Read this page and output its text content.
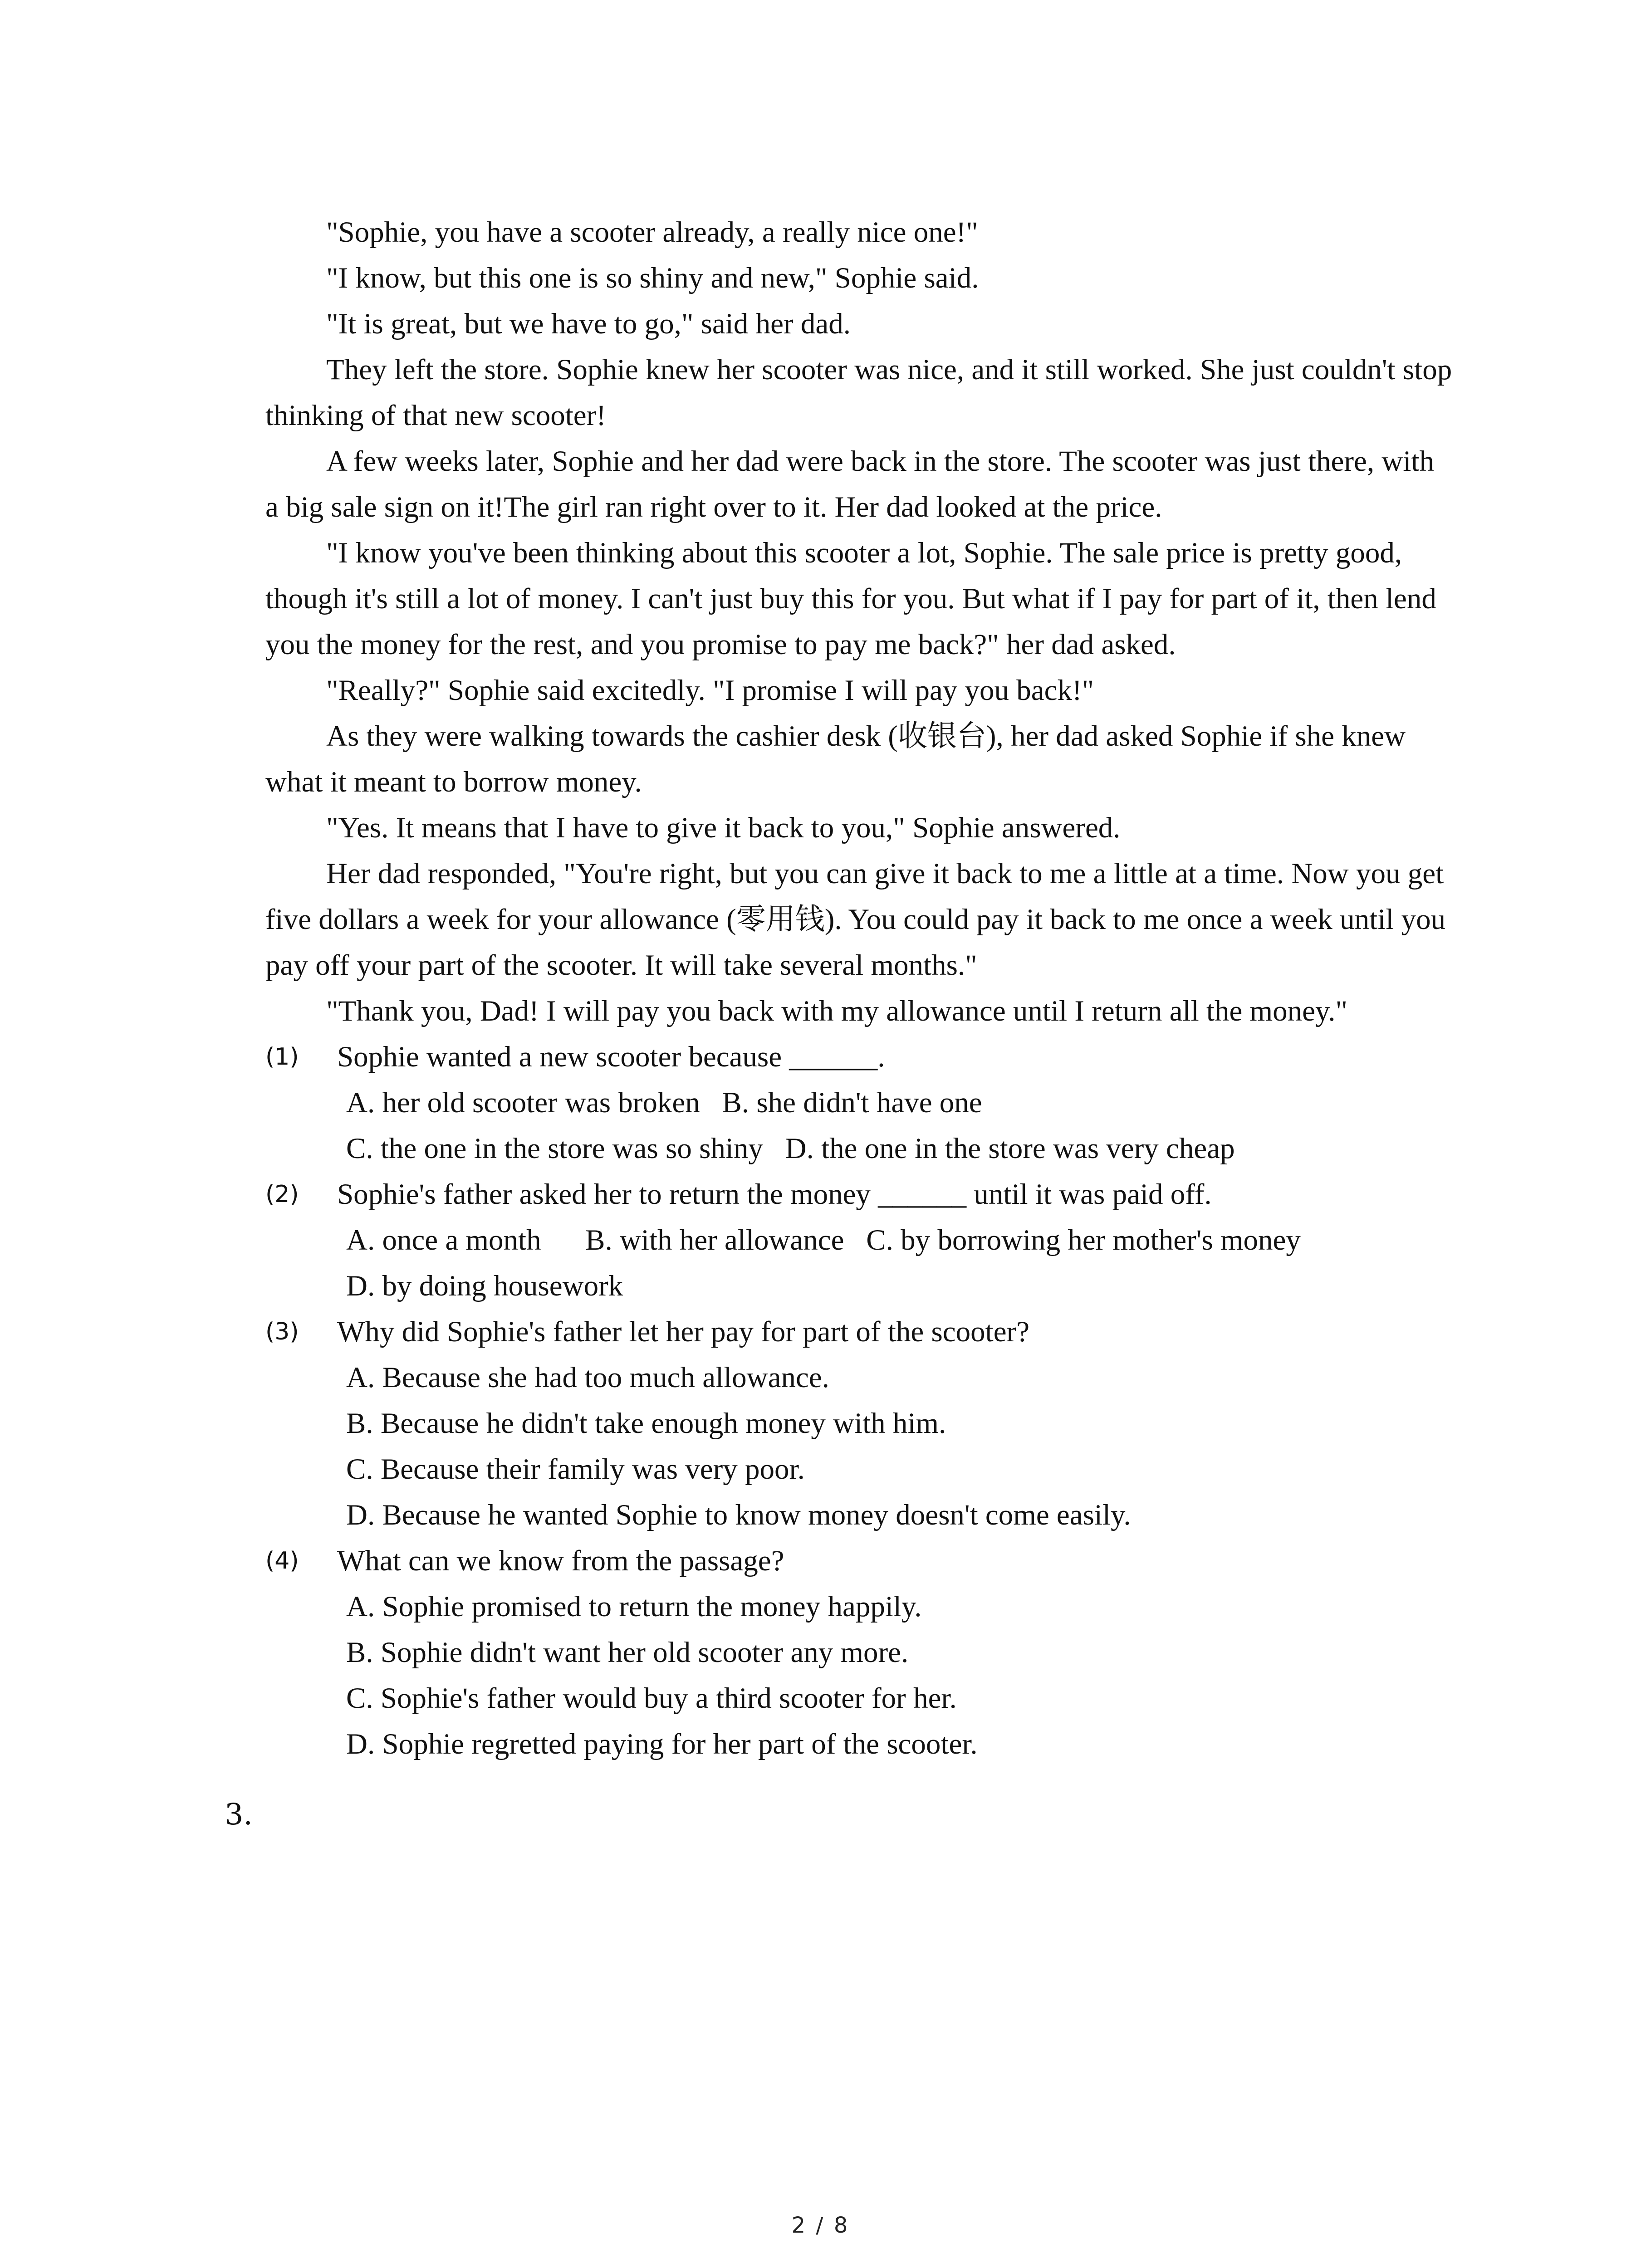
"Sophie, you have a scooter already, a really nice one!"

"I know, but this one is so shiny and new," Sophie said.

"It is great, but we have to go," said her dad.

They left the store. Sophie knew her scooter was nice, and it still worked. She just couldn't stop thinking of that new scooter!

A few weeks later, Sophie and her dad were back in the store. The scooter was just there, with a big sale sign on it!The girl ran right over to it. Her dad looked at the price.

"I know you've been thinking about this scooter a lot, Sophie. The sale price is pretty good, though it's still a lot of money. I can't just buy this for you. But what if I pay for part of it, then lend you the money for the rest, and you promise to pay me back?" her dad asked.

"Really?" Sophie said excitedly. "I promise I will pay you back!"

As they were walking towards the cashier desk (收银台), her dad asked Sophie if she knew what it meant to borrow money.

"Yes. It means that I have to give it back to you," Sophie answered.

Her dad responded, "You're right, but you can give it back to me a little at a time. Now you get five dollars a week for your allowance (零用钱). You could pay it back to me once a week until you pay off your part of the scooter. It will take several months."

"Thank you, Dad! I will pay you back with my allowance until I return all the money."

(1) Sophie wanted a new scooter because ______.

A. her old scooter was broken   B. she didn't have one

C. the one in the store was so shiny   D. the one in the store was very cheap

(2) Sophie's father asked her to return the money ______ until it was paid off.

A. once a month      B. with her allowance   C. by borrowing her mother's money

D. by doing housework

(3) Why did Sophie's father let her pay for part of the scooter?

A. Because she had too much allowance.

B. Because he didn't take enough money with him.

C. Because their family was very poor.

D. Because he wanted Sophie to know money doesn't come easily.

(4) What can we know from the passage?

A. Sophie promised to return the money happily.

B. Sophie didn't want her old scooter any more.

C. Sophie's father would buy a third scooter for her.

D. Sophie regretted paying for her part of the scooter.

3.
2 / 8
